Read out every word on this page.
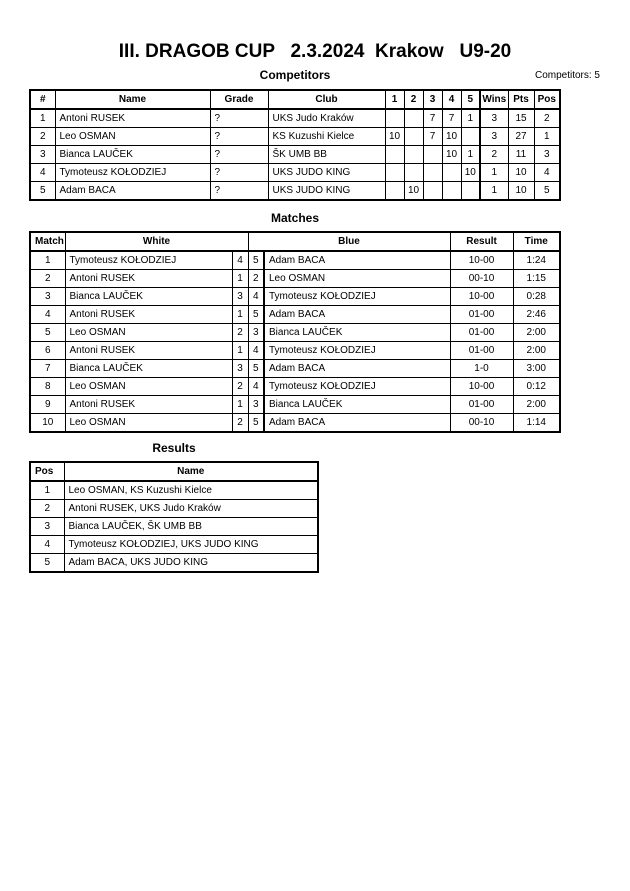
III. DRAGOB CUP   2.3.2024  Krakow   U9-20
Competitors	Competitors: 5
#	Name	Grade	Club	1	2	3	4	5	Wins	Pts	Pos
1	Antoni RUSEK	?	UKS Judo Kraków			7	7	1	3	15	2
2	Leo OSMAN	?	KS Kuzushi Kielce	10		7	10		3	27	1
3	Bianca LAUČEK	?	ŠK UMB BB				10	1	2	11	3
4	Tymoteusz KOŁODZIEJ	?	UKS JUDO KING					10	1	10	4
5	Adam BACA	?	UKS JUDO KING		10				1	10	5
Matches
Match	White		Blue		Result	Time
1	Tymoteusz KOŁODZIEJ	4	5	Adam BACA	10-00	1:24
2	Antoni RUSEK	1	2	Leo OSMAN	00-10	1:15
3	Bianca LAUČEK	3	4	Tymoteusz KOŁODZIEJ	10-00	0:28
4	Antoni RUSEK	1	5	Adam BACA	01-00	2:46
5	Leo OSMAN	2	3	Bianca LAUČEK	01-00	2:00
6	Antoni RUSEK	1	4	Tymoteusz KOŁODZIEJ	01-00	2:00
7	Bianca LAUČEK	3	5	Adam BACA	1-0	3:00
8	Leo OSMAN	2	4	Tymoteusz KOŁODZIEJ	10-00	0:12
9	Antoni RUSEK	1	3	Bianca LAUČEK	01-00	2:00
10	Leo OSMAN	2	5	Adam BACA	00-10	1:14
Results
Pos	Name
1	Leo OSMAN, KS Kuzushi Kielce
2	Antoni RUSEK, UKS Judo Kraków
3	Bianca LAUČEK, ŠK UMB BB
4	Tymoteusz KOŁODZIEJ, UKS JUDO KING
5	Adam BACA, UKS JUDO KING
